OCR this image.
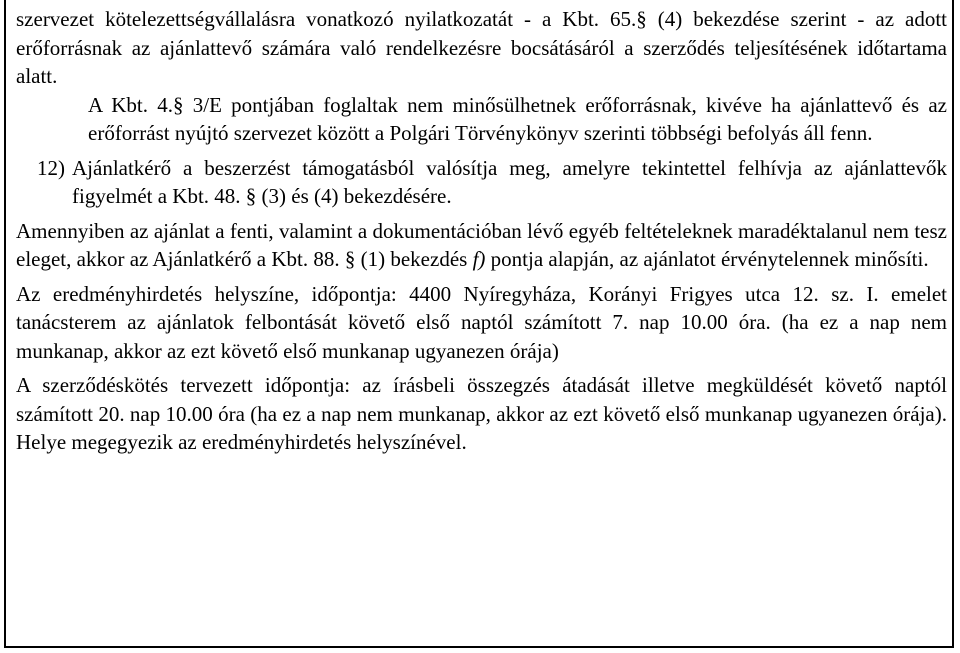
szervezet kötelezettségvállalásra vonatkozó nyilatkozatát - a Kbt. 65.§ (4) bekezdése szerint - az adott erőforrásnak az ajánlattevő számára való rendelkezésre bocsátásáról a szerződés teljesítésének időtartama alatt.

A Kbt. 4.§ 3/E pontjában foglaltak nem minősülhetnek erőforrásnak, kivéve ha ajánlattevő és az erőforrást nyújtó szervezet között a Polgári Törvénykönyv szerinti többségi befolyás áll fenn.

12) Ajánlatkérő a beszerzést támogatásból valósítja meg, amelyre tekintettel felhívja az ajánlattevők figyelmét a Kbt. 48. § (3) és (4) bekezdésére.

Amennyiben az ajánlat a fenti, valamint a dokumentációban lévő egyéb feltételeknek maradéktalanul nem tesz eleget, akkor az Ajánlatkérő a Kbt. 88. § (1) bekezdés f) pontja alapján, az ajánlatot érvénytelennek minősíti.

Az eredményhirdetés helyszíne, időpontja: 4400 Nyíregyháza, Korányi Frigyes utca 12. sz. I. emelet tanácsterem az ajánlatok felbontását követő első naptól számított 7. nap 10.00 óra. (ha ez a nap nem munkanap, akkor az ezt követő első munkanap ugyanezen órája)

A szerződéskötés tervezett időpontja: az írásbeli összegzés átadását illetve megküldését követő naptól számított 20. nap 10.00 óra (ha ez a nap nem munkanap, akkor az ezt követő első munkanap ugyanezen órája). Helye megegyezik az eredményhirdetés helyszínével.
